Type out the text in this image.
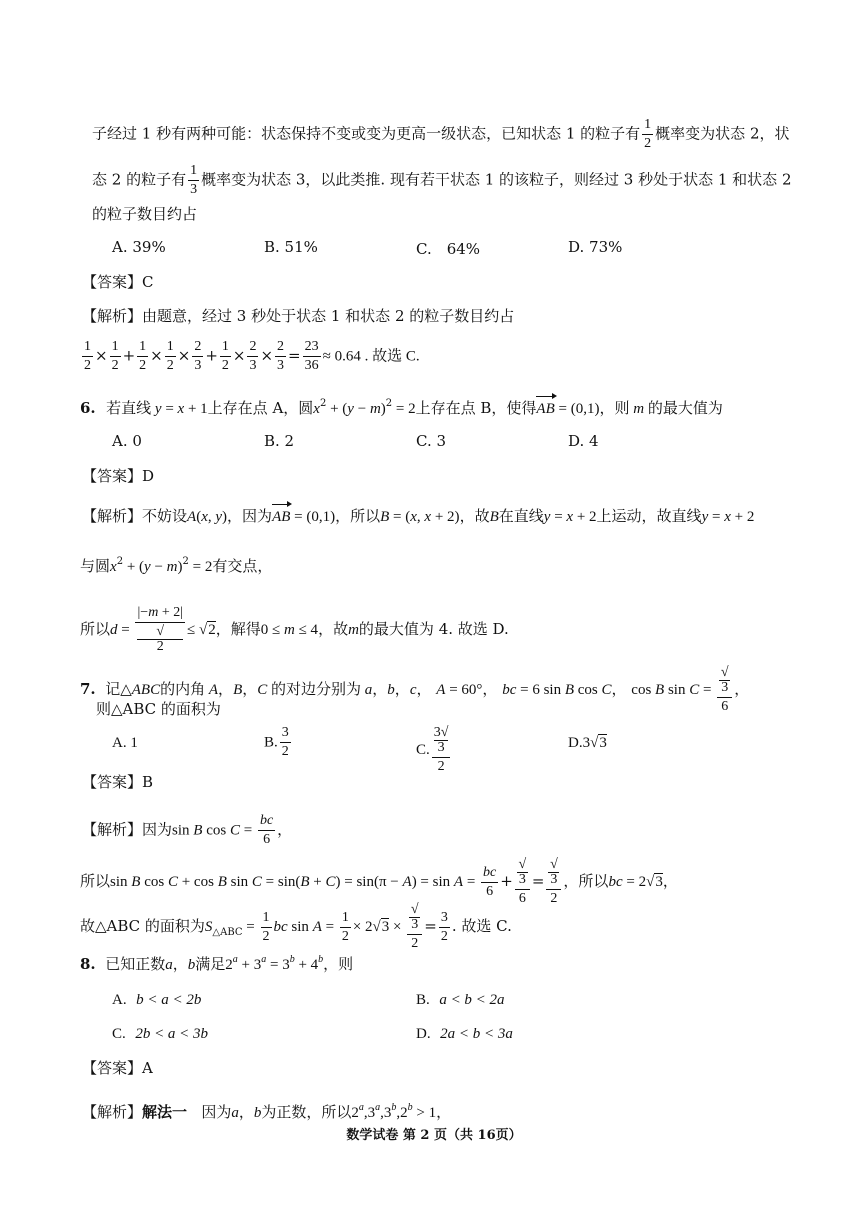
子经过 1 秒有两种可能：状态保持不变或变为更高一级状态，已知状态 1 的粒子有 $\frac{1}{2}$ 概率变为状态 2，状
态 2 的粒子有 $\frac{1}{3}$ 概率变为状态 3，以此类推. 现有若干状态 1 的该粒子，则经过 3 秒处于状态 1 和状态 2
的粒子数目约占
A. 39%	B. 51%	C.　64%	D. 73%
【答案】C
【解析】由题意，经过 3 秒处于状态 1 和状态 2 的粒子数目约占
$\frac{1}{2} \times \frac{1}{2} + \frac{1}{2} \times \frac{1}{2} \times \frac{2}{3} + \frac{1}{2} \times \frac{2}{3} \times \frac{2}{3} = \frac{23}{36} \approx 0.64$ . 故选 C.
6. 若直线 y = x + 1上存在点 A，圆$x^2 + (y - m)^2 = 2$上存在点 B，使得AB = (0,1)，则 m 的最大值为
A. 0	B. 2	C. 3	D. 4
【答案】D
【解析】不妨设A(x, y)，因为AB = (0,1)，所以B = (x, x + 2)，故B在直线y = x + 2上运动，故直线y = x + 2
与圆$x^2 + (y - m)^2 = 2$有交点，
所以d = |−m + 2|
√
2 ≤ √2，解得0 ≤ m ≤ 4，故m的最大值为 4. 故选 D.
7. 记△ABC的内角 A，B，C 的对边分别为 a，b，c， A = 60°， bc = 6 sin B cos C， cos B sin C = √
3
6 ，
则△ABC 的面积为
A. 1	B. $\frac{3}{2}$	C. 3√
3
2	D.3√3
【答案】B
【解析】因为sin B $\cos C = \frac{bc}{6}$ ，
所以sin B cos C + cos B $\sin C = \sin(B + C) = \sin(\pi - A) = \sin A = \frac{bc}{6}$ + √
3
6 = √
3
2 ，所以bc = 2√3，
故△ABC 的面积为$S_{\triangle ABC} = \frac{1}{2}$ bc $\sin A = \frac{1}{2} \times 2√3$ × √
3
$2 = \frac{3}{2}$ . 故选 C.
8. 已知正数a，b满足$2^a + 3^a = 3^b + 4^b$，则
A. b < a < 2b	B. a < b < 2a
C. 2b < a < 3b	D. 2a < b < 3a
【答案】A
【解析】解法一 因为a，b为正数，所以$2^a,3^a,3^b,2^b > 1$，
数学试卷 第 2 页（共 16页）
